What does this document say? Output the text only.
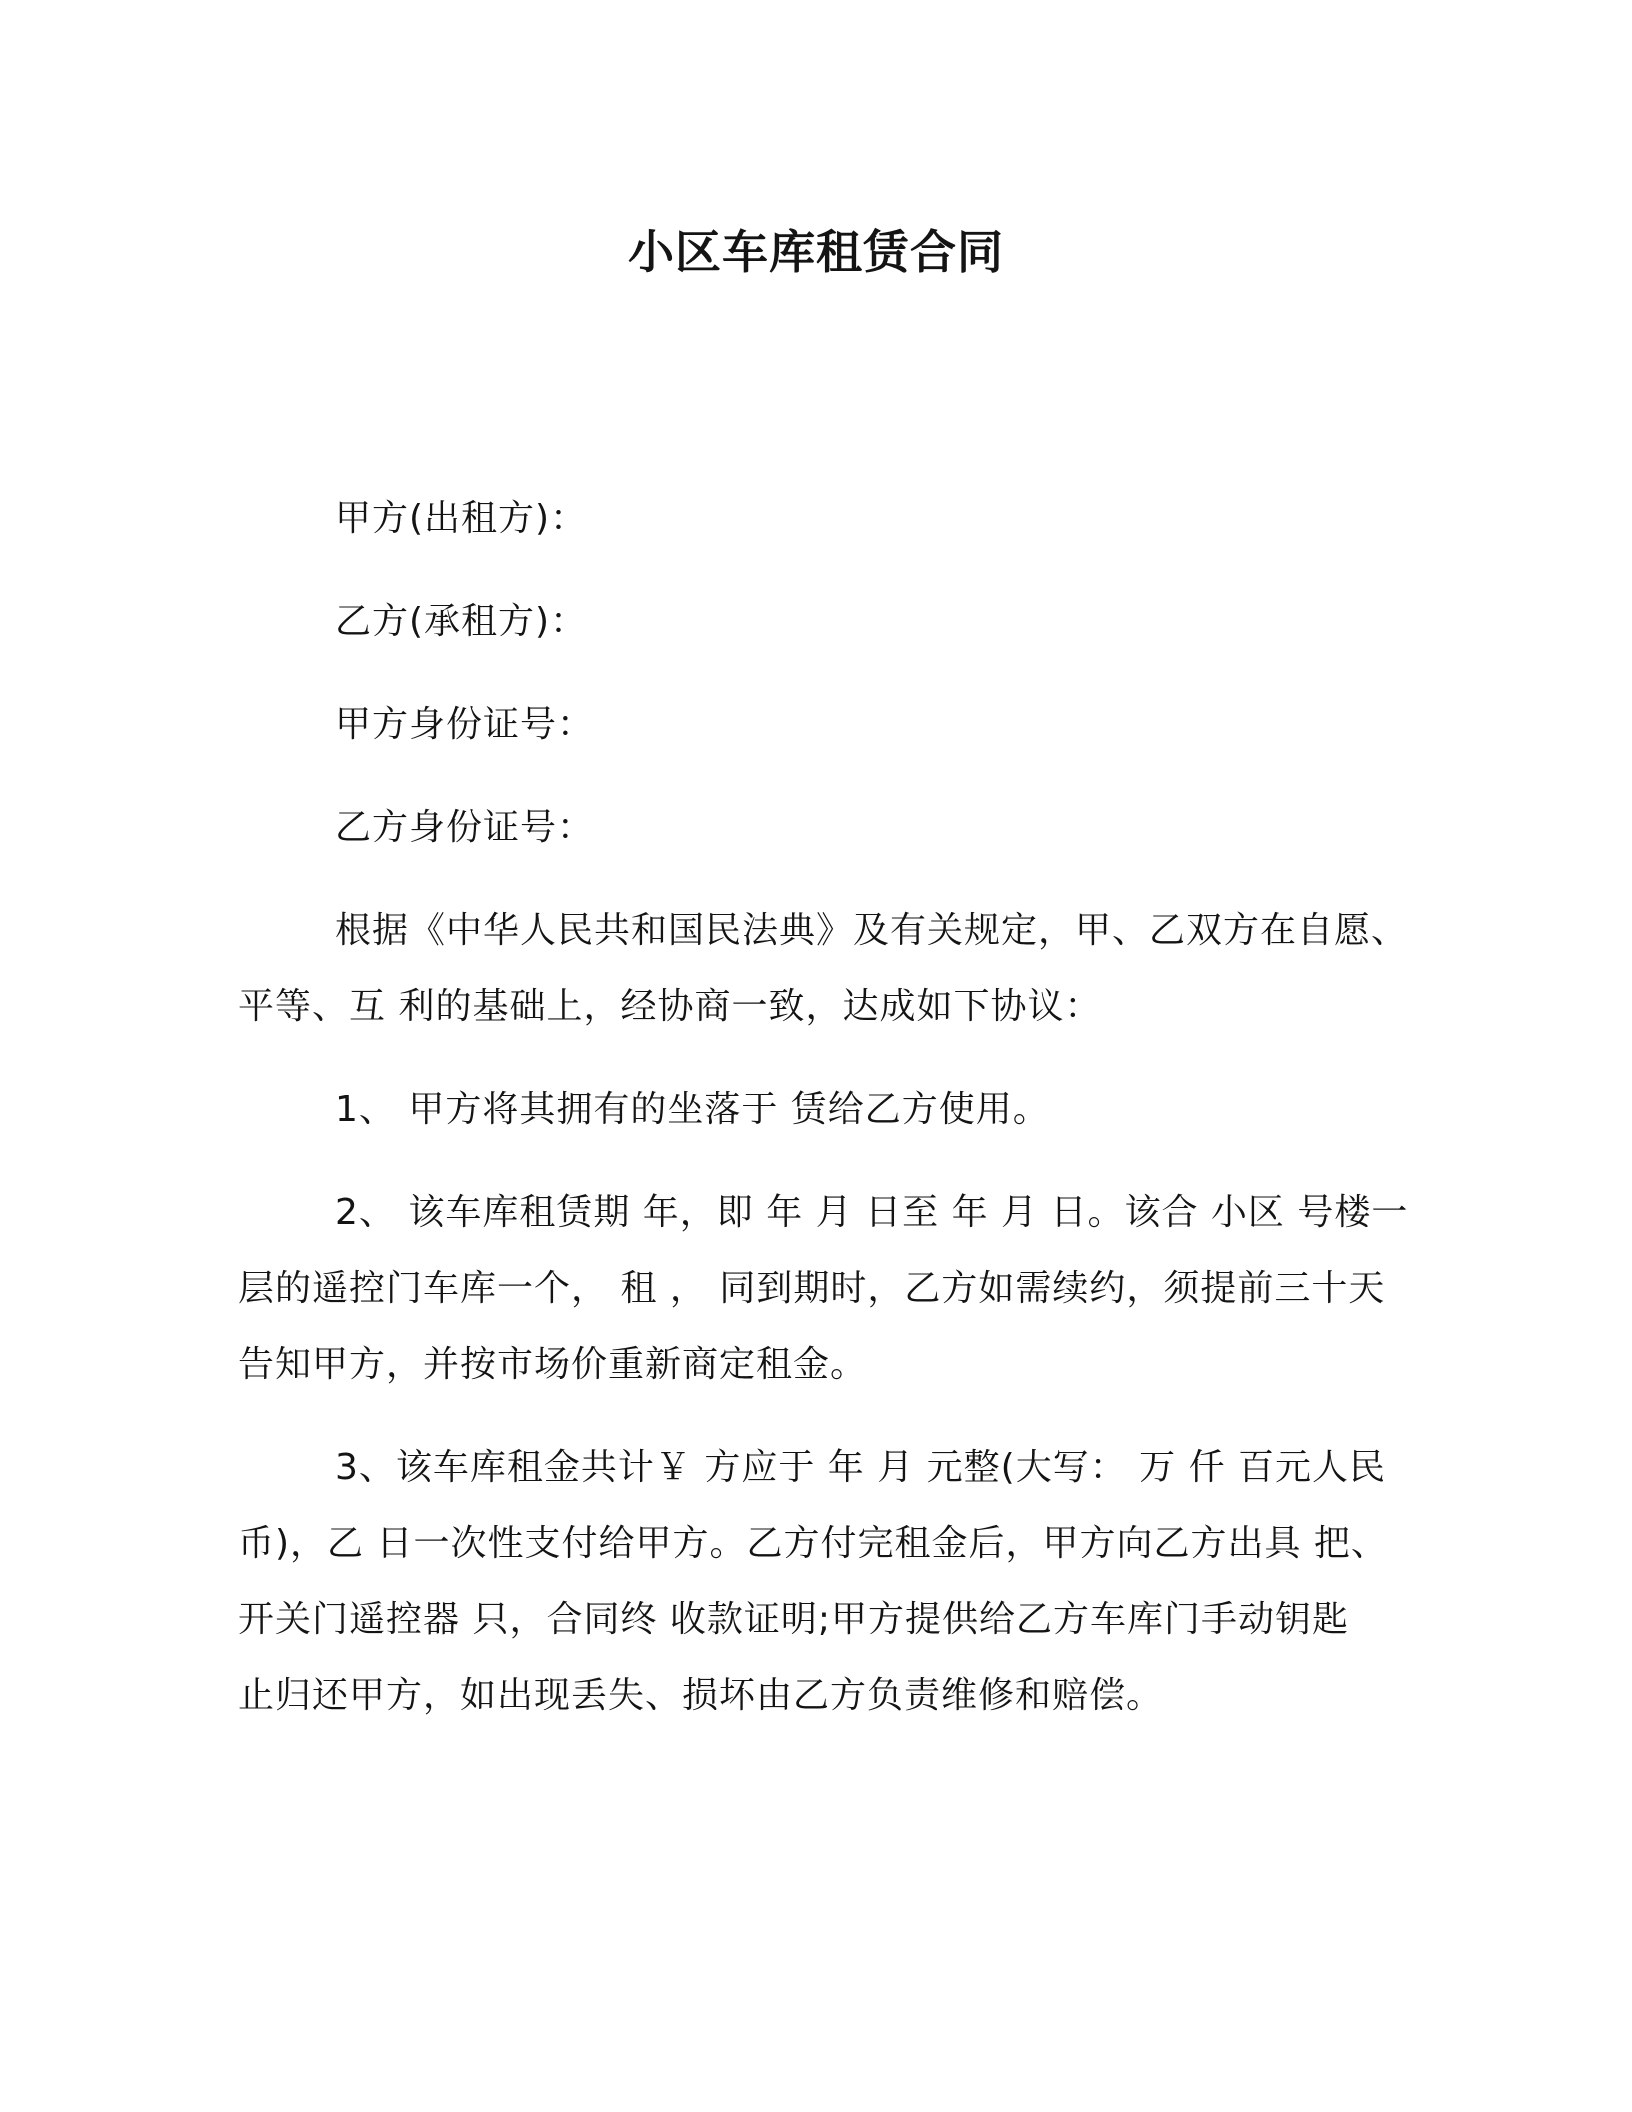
小区车库租赁合同
甲方(出租方)：
乙方(承租方)：
甲方身份证号：
乙方身份证号：
根据《中华人民共和国民法典》及有关规定，甲、乙双方在自愿、
平等、互 利的基础上，经协商一致，达成如下协议：
1、 甲方将其拥有的坐落于 赁给乙方使用。
2、 该车库租赁期 年，即 年 月 日至 年 月 日。该合 小区 号楼一
层的遥控门车库一个， 租 ， 同到期时，乙方如需续约，须提前三十天
告知甲方，并按市场价重新商定租金。
3、该车库租金共计￥ 方应于 年 月 元整(大写： 万 仟 百元人民
币)，乙 日一次性支付给甲方。乙方付完租金后，甲方向乙方出具 把、
开关门遥控器 只，合同终 收款证明;甲方提供给乙方车库门手动钥匙
止归还甲方，如出现丢失、损坏由乙方负责维修和赔偿。
